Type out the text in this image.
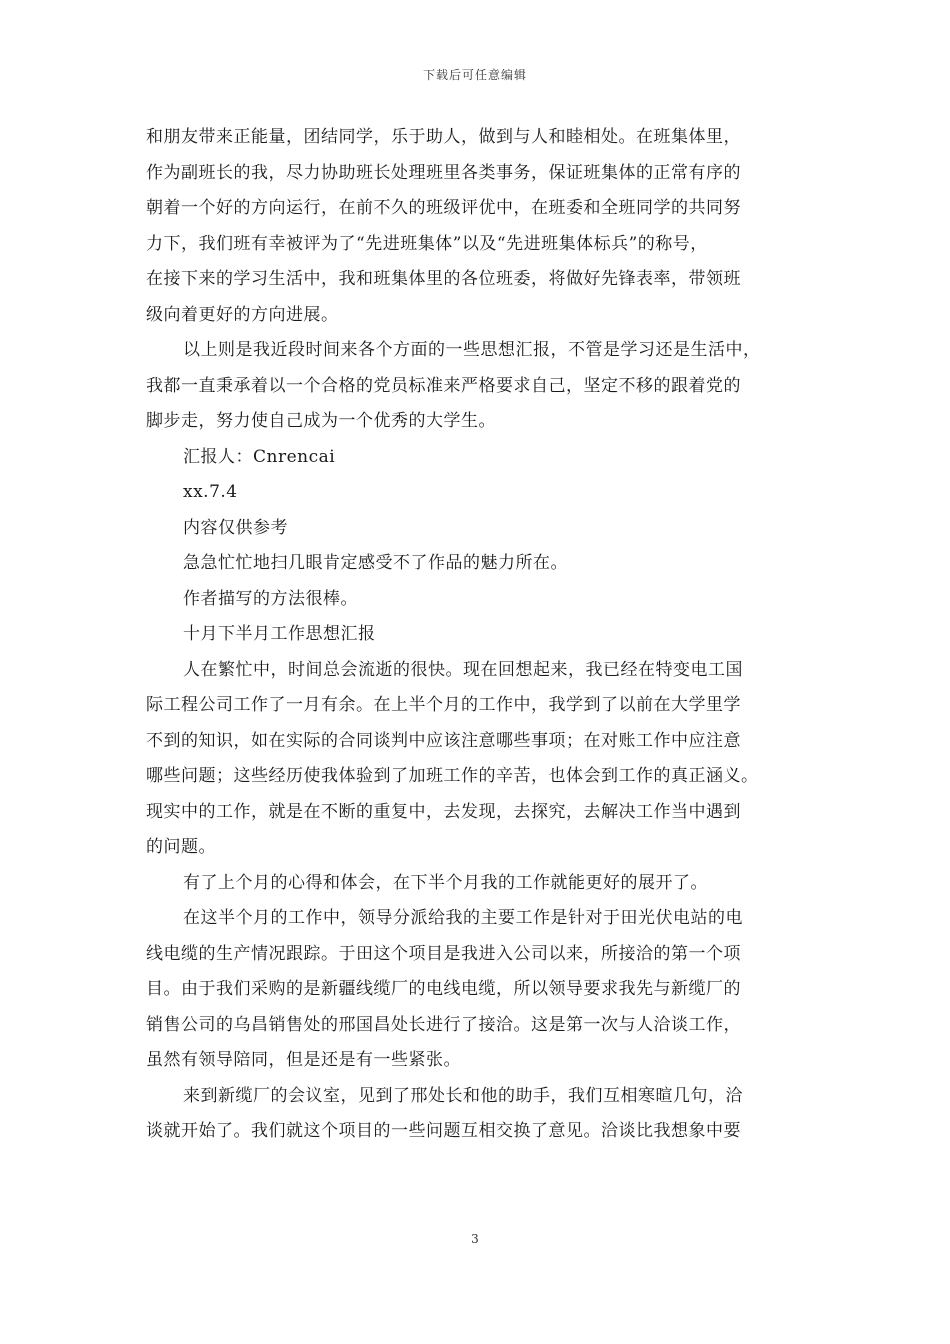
下载后可任意编辑
和朋友带来正能量，团结同学，乐于助人，做到与人和睦相处。在班集体里，
作为副班长的我，尽力协助班长处理班里各类事务，保证班集体的正常有序的
朝着一个好的方向运行，在前不久的班级评优中，在班委和全班同学的共同努
力下，我们班有幸被评为了“先进班集体”以及“先进班集体标兵”的称号，
在接下来的学习生活中，我和班集体里的各位班委，将做好先锋表率，带领班
级向着更好的方向进展。
以上则是我近段时间来各个方面的一些思想汇报，不管是学习还是生活中，
我都一直秉承着以一个合格的党员标准来严格要求自己，坚定不移的跟着党的
脚步走，努力使自己成为一个优秀的大学生。
汇报人：Cnrencai
xx.7.4
内容仅供参考
急急忙忙地扫几眼肯定感受不了作品的魅力所在。
作者描写的方法很棒。
十月下半月工作思想汇报
人在繁忙中，时间总会流逝的很快。现在回想起来，我已经在特变电工国
际工程公司工作了一月有余。在上半个月的工作中，我学到了以前在大学里学
不到的知识，如在实际的合同谈判中应该注意哪些事项；在对账工作中应注意
哪些问题；这些经历使我体验到了加班工作的辛苦，也体会到工作的真正涵义。
现实中的工作，就是在不断的重复中，去发现，去探究，去解决工作当中遇到
的问题。
有了上个月的心得和体会，在下半个月我的工作就能更好的展开了。
在这半个月的工作中，领导分派给我的主要工作是针对于田光伏电站的电
线电缆的生产情况跟踪。于田这个项目是我进入公司以来，所接洽的第一个项
目。由于我们采购的是新疆线缆厂的电线电缆，所以领导要求我先与新缆厂的
销售公司的乌昌销售处的邢国昌处长进行了接洽。这是第一次与人洽谈工作，
虽然有领导陪同，但是还是有一些紧张。
来到新缆厂的会议室，见到了邢处长和他的助手，我们互相寒暄几句，洽
谈就开始了。我们就这个项目的一些问题互相交换了意见。洽谈比我想象中要
3
